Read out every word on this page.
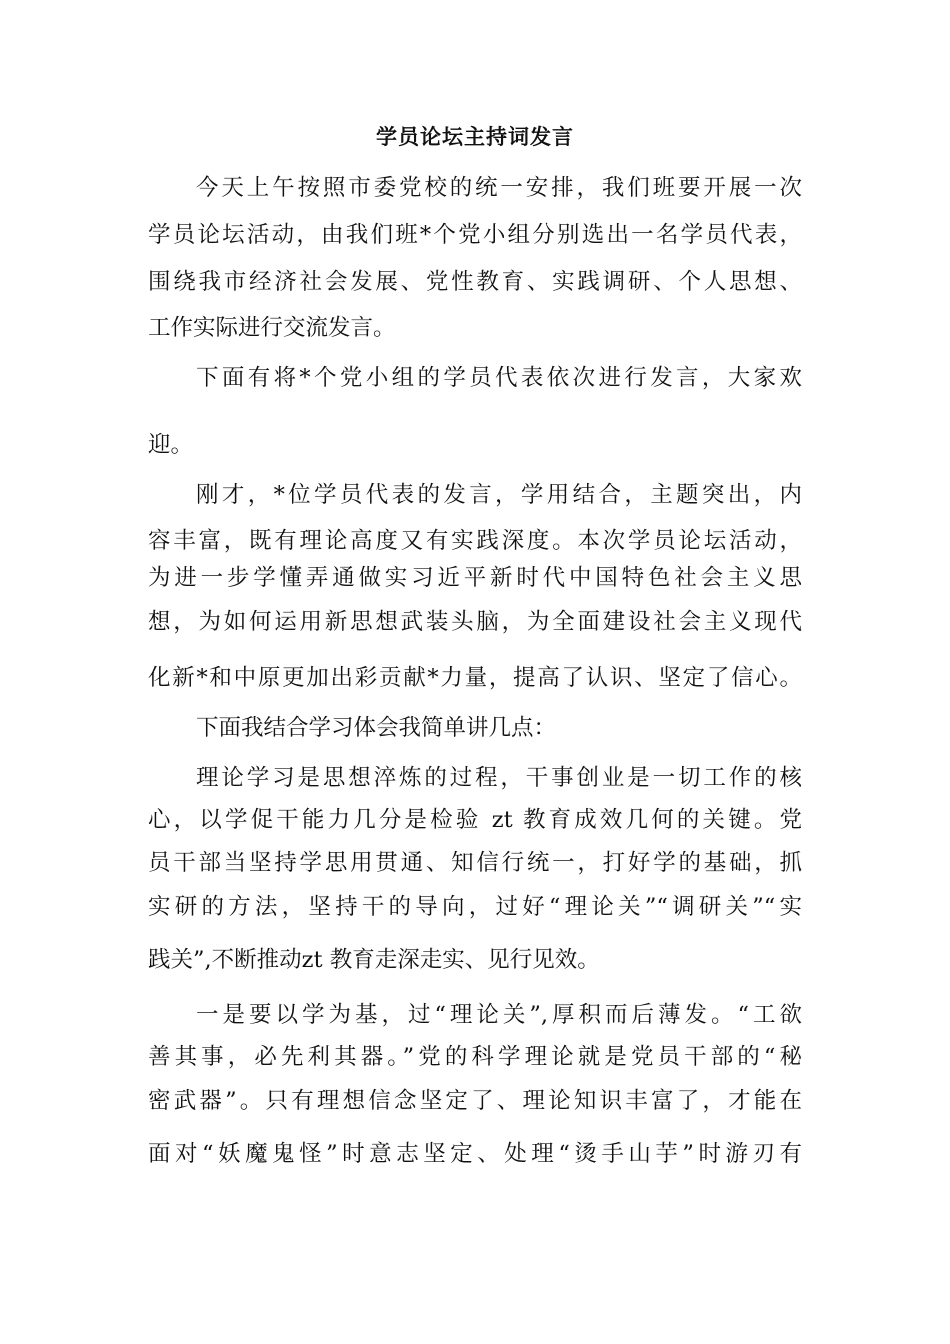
学员论坛主持词发言
今天上午按照市委党校的统一安排，我们班要开展一次
学员论坛活动，由我们班*个党小组分别选出一名学员代表，
围绕我市经济社会发展、党性教育、实践调研、个人思想、
工作实际进行交流发言。
下面有将*个党小组的学员代表依次进行发言，大家欢
迎。
刚才，*位学员代表的发言，学用结合，主题突出，内
容丰富，既有理论高度又有实践深度。本次学员论坛活动，
为进一步学懂弄通做实习近平新时代中国特色社会主义思
想，为如何运用新思想武装头脑，为全面建设社会主义现代
化新*和中原更加出彩贡献*力量，提高了认识、坚定了信心。
下面我结合学习体会我简单讲几点：
理论学习是思想淬炼的过程，干事创业是一切工作的核
心，以学促干能力几分是检验 zt 教育成效几何的关键。党
员干部当坚持学思用贯通、知信行统一，打好学的基础，抓
实研的方法，坚持干的导向，过好“理论关”“调研关”“实
践关”,不断推动zt 教育走深走实、见行见效。
一是要以学为基，过“理论关”,厚积而后薄发。“工欲
善其事，必先利其器。”党的科学理论就是党员干部的“秘
密武器”。只有理想信念坚定了、理论知识丰富了，才能在
面对“妖魔鬼怪”时意志坚定、处理“烫手山芋”时游刃有
